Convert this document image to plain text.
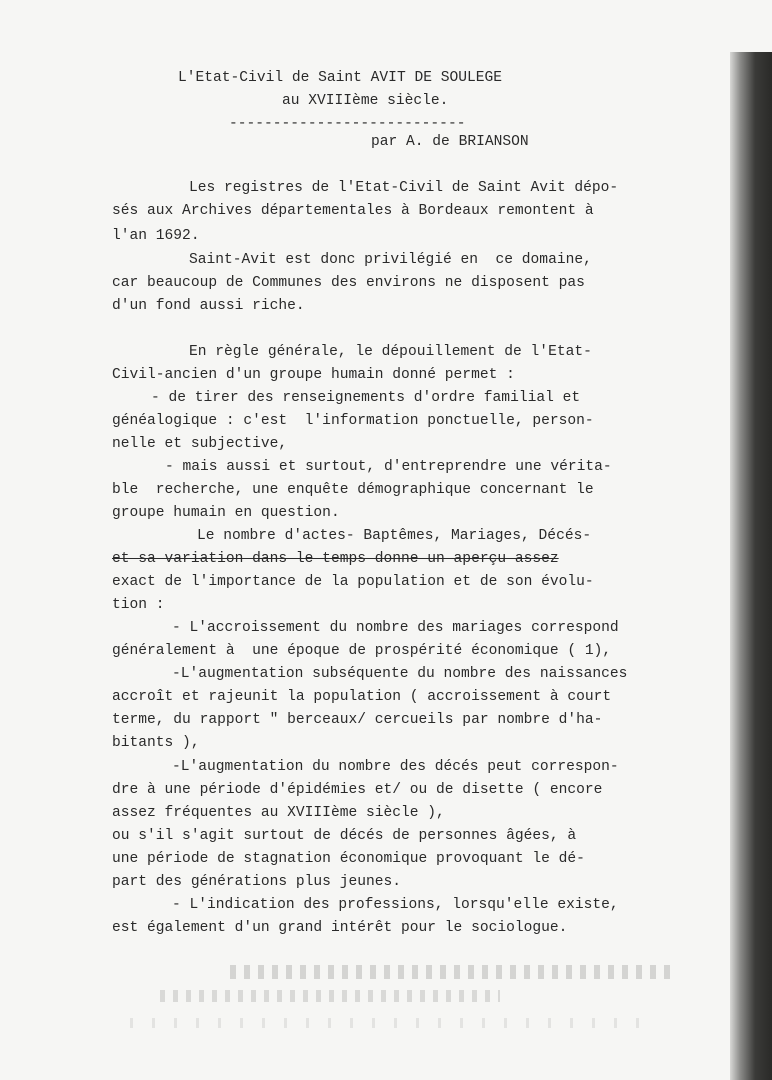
L'Etat-Civil de Saint AVIT DE SOULEGE
au XVIIIème siècle.
---------------------------
par A. de BRIANSON
Les registres de l'Etat-Civil de Saint Avit dépo-
sés aux Archives départementales à Bordeaux remontent à
l'an 1692.
Saint-Avit est donc privilégié en  ce domaine,
car beaucoup de Communes des environs ne disposent pas
d'un fond aussi riche.
En règle générale, le dépouillement de l'Etat-
Civil-ancien d'un groupe humain donné permet :
- de tirer des renseignements d'ordre familial et
généalogique : c'est  l'information ponctuelle, person-
nelle et subjective,
- mais aussi et surtout, d'entreprendre une vérita-
ble  recherche, une enquête démographique concernant le
groupe humain en question.
Le nombre d'actes- Baptêmes, Mariages, Décés-
et sa variation dans le temps donne un aperçu assez
exact de l'importance de la population et de son évolu-
tion :
- L'accroissement du nombre des mariages correspond
généralement à  une époque de prospérité économique ( 1),
-L'augmentation subséquente du nombre des naissances
accroît et rajeunit la population ( accroissement à court
terme, du rapport " berceaux/ cercueils par nombre d'ha-
bitants ),
-L'augmentation du nombre des décés peut correspon-
dre à une période d'épidémies et/ ou de disette ( encore
assez fréquentes au XVIIIème siècle ),
ou s'il s'agit surtout de décés de personnes âgées, à
une période de stagnation économique provoquant le dé-
part des générations plus jeunes.
- L'indication des professions, lorsqu'elle existe,
est également d'un grand intérêt pour le sociologue.
